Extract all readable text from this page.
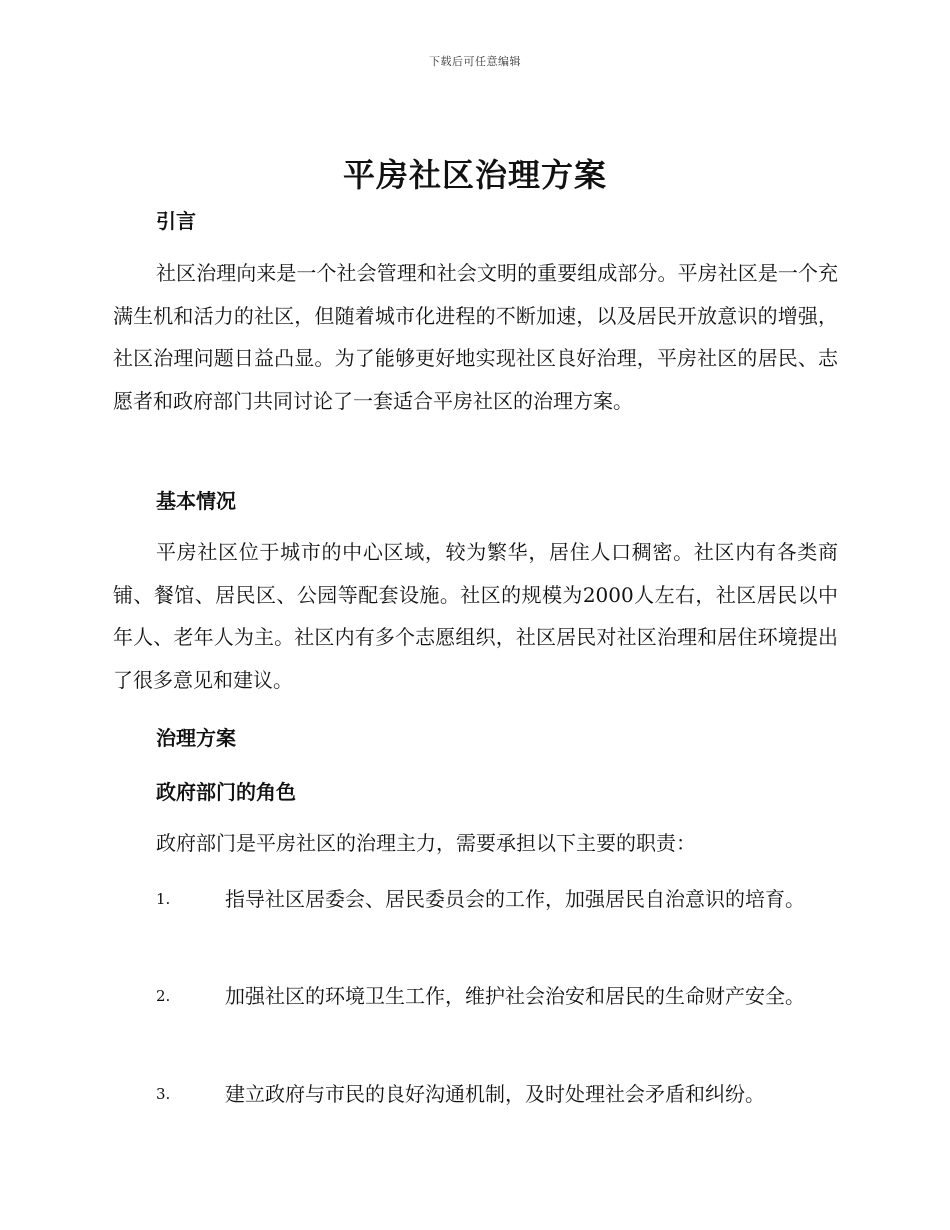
下载后可任意编辑
平房社区治理方案
引言

社区治理向来是一个社会管理和社会文明的重要组成部分。平房社区是一个充满生机和活力的社区，但随着城市化进程的不断加速，以及居民开放意识的增强，社区治理问题日益凸显。为了能够更好地实现社区良好治理，平房社区的居民、志愿者和政府部门共同讨论了一套适合平房社区的治理方案。

基本情况

平房社区位于城市的中心区域，较为繁华，居住人口稠密。社区内有各类商铺、餐馆、居民区、公园等配套设施。社区的规模为2000人左右，社区居民以中年人、老年人为主。社区内有多个志愿组织，社区居民对社区治理和居住环境提出了很多意见和建议。

治理方案
政府部门的角色

政府部门是平房社区的治理主力，需要承担以下主要的职责：

1.	指导社区居委会、居民委员会的工作，加强居民自治意识的培育。
2.	加强社区的环境卫生工作，维护社会治安和居民的生命财产安全。
3.	建立政府与市民的良好沟通机制，及时处理社会矛盾和纠纷。
